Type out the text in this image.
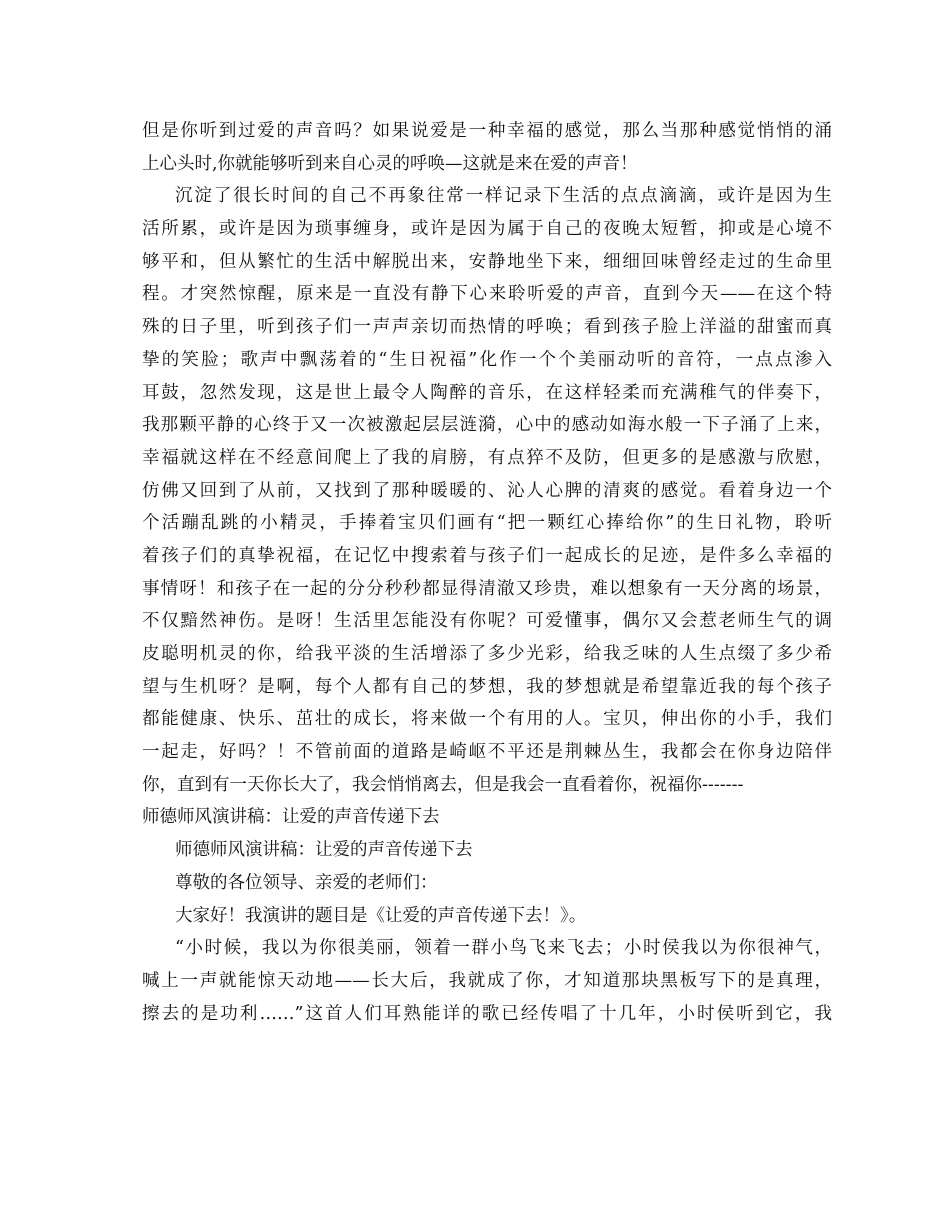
但是你听到过爱的声音吗？如果说爱是一种幸福的感觉，那么当那种感觉悄悄的涌
上心头时,你就能够听到来自心灵的呼唤—这就是来在爱的声音！
沉淀了很长时间的自己不再象往常一样记录下生活的点点滴滴，或许是因为生
活所累，或许是因为琐事缠身，或许是因为属于自己的夜晚太短暂，抑或是心境不
够平和，但从繁忙的生活中解脱出来，安静地坐下来，细细回味曾经走过的生命里
程。才突然惊醒，原来是一直没有静下心来聆听爱的声音，直到今天——在这个特
殊的日子里，听到孩子们一声声亲切而热情的呼唤；看到孩子脸上洋溢的甜蜜而真
挚的笑脸；歌声中飘荡着的“生日祝福”化作一个个美丽动听的音符，一点点渗入
耳鼓，忽然发现，这是世上最令人陶醉的音乐，在这样轻柔而充满稚气的伴奏下，
我那颗平静的心终于又一次被激起层层涟漪，心中的感动如海水般一下子涌了上来，
幸福就这样在不经意间爬上了我的肩膀，有点猝不及防，但更多的是感激与欣慰，
仿佛又回到了从前，又找到了那种暖暖的、沁人心脾的清爽的感觉。看着身边一个
个活蹦乱跳的小精灵，手捧着宝贝们画有“把一颗红心捧给你”的生日礼物，聆听
着孩子们的真挚祝福，在记忆中搜索着与孩子们一起成长的足迹，是件多么幸福的
事情呀！和孩子在一起的分分秒秒都显得清澈又珍贵，难以想象有一天分离的场景，
不仅黯然神伤。是呀！生活里怎能没有你呢？可爱懂事，偶尔又会惹老师生气的调
皮聪明机灵的你，给我平淡的生活增添了多少光彩，给我乏味的人生点缀了多少希
望与生机呀？是啊，每个人都有自己的梦想，我的梦想就是希望靠近我的每个孩子
都能健康、快乐、茁壮的成长，将来做一个有用的人。宝贝，伸出你的小手，我们
一起走，好吗？！不管前面的道路是崎岖不平还是荆棘丛生，我都会在你身边陪伴
你，直到有一天你长大了，我会悄悄离去，但是我会一直看着你，祝福你-------
师德师风演讲稿：让爱的声音传递下去
师德师风演讲稿：让爱的声音传递下去
尊敬的各位领导、亲爱的老师们：
大家好！我演讲的题目是《让爱的声音传递下去！》。
“小时候，我以为你很美丽，领着一群小鸟飞来飞去；小时侯我以为你很神气，
喊上一声就能惊天动地——长大后，我就成了你，才知道那块黑板写下的是真理，
擦去的是功利……”这首人们耳熟能详的歌已经传唱了十几年，小时侯听到它，我
